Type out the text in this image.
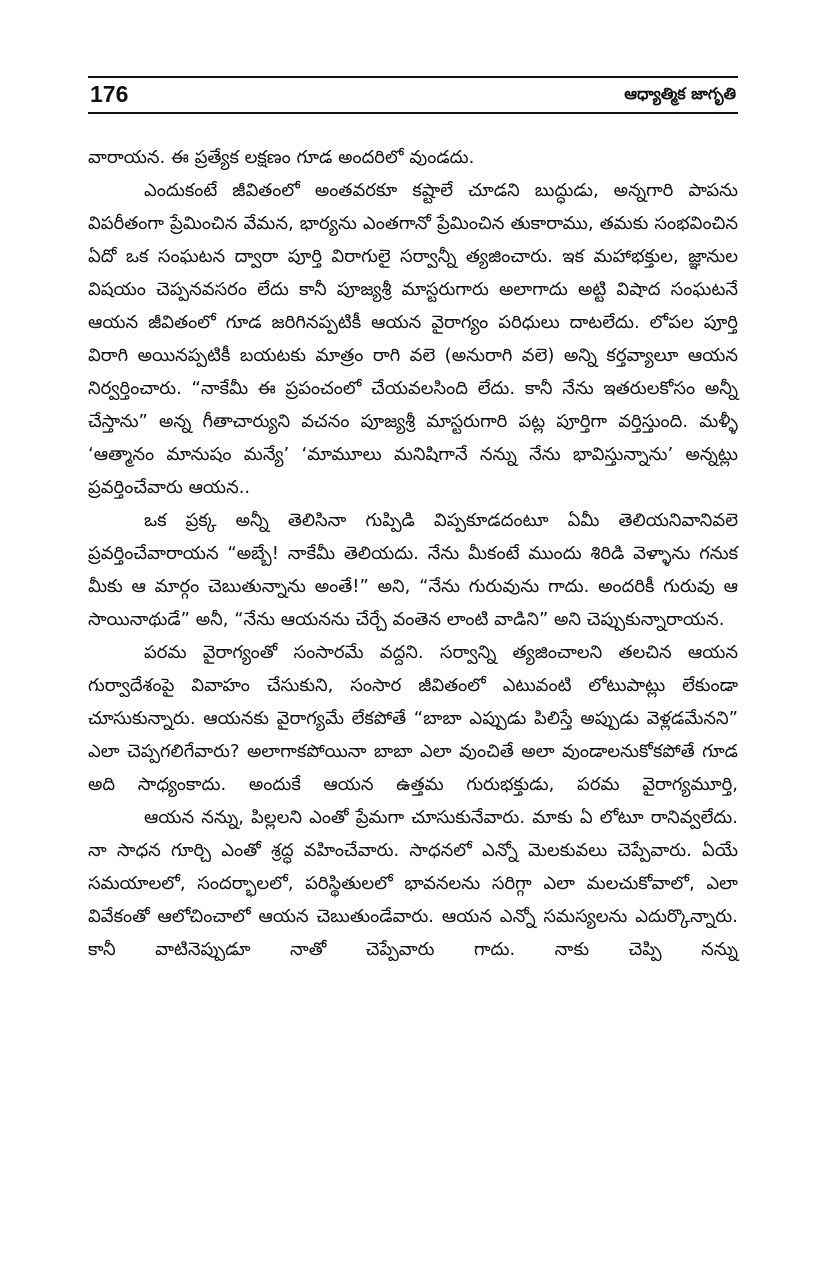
176	ఆధ్యాత్మిక జాగృతి

వారాయన. ఈ ప్రత్యేక లక్షణం గూడ అందరిలో వుండదు.

ఎందుకంటే జీవితంలో అంతవరకూ కష్టాలే చూడని బుద్ధుడు, అన్నగారి పాపను విపరీతంగా ప్రేమించిన వేమన, భార్యను ఎంతగానో ప్రేమించిన తుకారాము, తమకు సంభవించిన ఏదో ఒక సంఘటన ద్వారా పూర్తి విరాగులై సర్వాన్నీ త్యజించారు. ఇక మహాభక్తుల, జ్ఞానుల విషయం చెప్పనవసరం లేదు కానీ పూజ్యశ్రీ మాస్టరుగారు అలాగాదు అట్టి విషాద సంఘటనే ఆయన జీవితంలో గూడ జరిగినప్పటికీ ఆయన వైరాగ్యం పరిధులు దాటలేదు. లోపల పూర్తి విరాగి అయినప్పటికీ బయటకు మాత్రం రాగి వలె (అనురాగి వలె) అన్ని కర్తవ్యాలూ ఆయన నిర్వర్తించారు. “నాకేమీ ఈ ప్రపంచంలో చేయవలసింది లేదు. కానీ నేను ఇతరులకోసం అన్నీ చేస్తాను” అన్న గీతాచార్యుని వచనం పూజ్యశ్రీ మాస్టరుగారి పట్ల పూర్తిగా వర్తిస్తుంది. మళ్ళీ ‘ఆత్మానం మానుషం మన్యే’ ‘మామూలు మనిషిగానే నన్ను నేను భావిస్తున్నాను’ అన్నట్లు ప్రవర్తించేవారు ఆయన..

ఒక ప్రక్క అన్నీ తెలిసినా గుప్పిడి విప్పకూడదంటూ ఏమీ తెలియనివానివలె ప్రవర్తించేవారాయన “అబ్బే! నాకేమీ తెలియదు. నేను మీకంటే ముందు శిరిడి వెళ్ళాను గనుక మీకు ఆ మార్గం చెబుతున్నాను అంతే!” అని, “నేను గురువును గాదు. అందరికీ గురువు ఆ సాయినాథుడే” అనీ, “నేను ఆయనను చేర్చే వంతెన లాంటి వాడిని” అని చెప్పుకున్నారాయన.

పరమ వైరాగ్యంతో సంసారమే వద్దని. సర్వాన్ని త్యజించాలని తలచిన ఆయన గుర్వాదేశంపై వివాహం చేసుకుని, సంసార జీవితంలో ఎటువంటి లోటుపాట్లు లేకుండా చూసుకున్నారు. ఆయనకు వైరాగ్యమే లేకపోతే “బాబా ఎప్పుడు పిలిస్తే అప్పుడు వెళ్లడమేనని” ఎలా చెప్పగలిగేవారు? అలాగాకపోయినా బాబా ఎలా వుంచితే అలా వుండాలనుకోకపోతే గూడ అది సాధ్యంకాదు. అందుకే ఆయన ఉత్తమ గురుభక్తుడు, పరమ వైరాగ్యమూర్తి,

ఆయన నన్ను, పిల్లలని ఎంతో ప్రేమగా చూసుకునేవారు. మాకు ఏ లోటూ రానివ్వలేదు. నా సాధన గూర్చి ఎంతో శ్రద్ధ వహించేవారు. సాధనలో ఎన్నో మెలకువలు చెప్పేవారు. ఏయే సమయాలలో, సందర్భాలలో, పరిస్థితులలో భావనలను సరిగ్గా ఎలా మలచుకోవాలో, ఎలా వివేకంతో ఆలోచించాలో ఆయన చెబుతుండేవారు. ఆయన ఎన్నో సమస్యలను ఎదుర్కొన్నారు. కానీ వాటినెప్పుడూ నాతో చెప్పేవారు గాదు. నాకు చెప్పి నన్ను
